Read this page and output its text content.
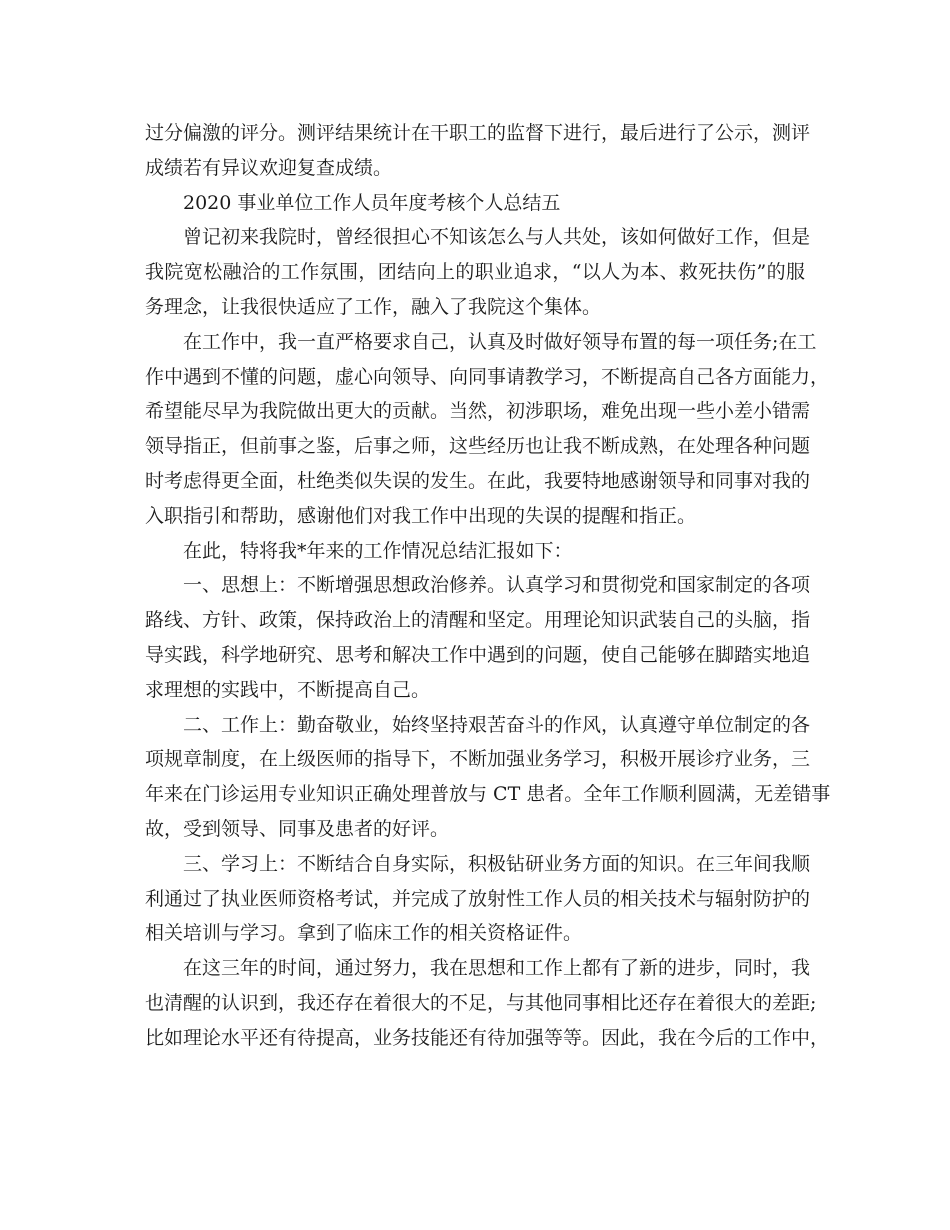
过分偏激的评分。测评结果统计在干职工的监督下进行，最后进行了公示，测评
成绩若有异议欢迎复查成绩。
2020 事业单位工作人员年度考核个人总结五
曾记初来我院时，曾经很担心不知该怎么与人共处，该如何做好工作，但是
我院宽松融洽的工作氛围，团结向上的职业追求，“以人为本、救死扶伤”的服
务理念，让我很快适应了工作，融入了我院这个集体。
在工作中，我一直严格要求自己，认真及时做好领导布置的每一项任务;在工
作中遇到不懂的问题，虚心向领导、向同事请教学习，不断提高自己各方面能力，
希望能尽早为我院做出更大的贡献。当然，初涉职场，难免出现一些小差小错需
领导指正，但前事之鉴，后事之师，这些经历也让我不断成熟，在处理各种问题
时考虑得更全面，杜绝类似失误的发生。在此，我要特地感谢领导和同事对我的
入职指引和帮助，感谢他们对我工作中出现的失误的提醒和指正。
在此，特将我*年来的工作情况总结汇报如下：
一、思想上：不断增强思想政治修养。认真学习和贯彻党和国家制定的各项
路线、方针、政策，保持政治上的清醒和坚定。用理论知识武装自己的头脑，指
导实践，科学地研究、思考和解决工作中遇到的问题，使自己能够在脚踏实地追
求理想的实践中，不断提高自己。
二、工作上：勤奋敬业，始终坚持艰苦奋斗的作风，认真遵守单位制定的各
项规章制度，在上级医师的指导下，不断加强业务学习，积极开展诊疗业务，三
年来在门诊运用专业知识正确处理普放与 CT 患者。全年工作顺利圆满，无差错事
故，受到领导、同事及患者的好评。
三、学习上：不断结合自身实际，积极钻研业务方面的知识。在三年间我顺
利通过了执业医师资格考试，并完成了放射性工作人员的相关技术与辐射防护的
相关培训与学习。拿到了临床工作的相关资格证件。
在这三年的时间，通过努力，我在思想和工作上都有了新的进步，同时，我
也清醒的认识到，我还存在着很大的不足，与其他同事相比还存在着很大的差距;
比如理论水平还有待提高，业务技能还有待加强等等。因此，我在今后的工作中，
